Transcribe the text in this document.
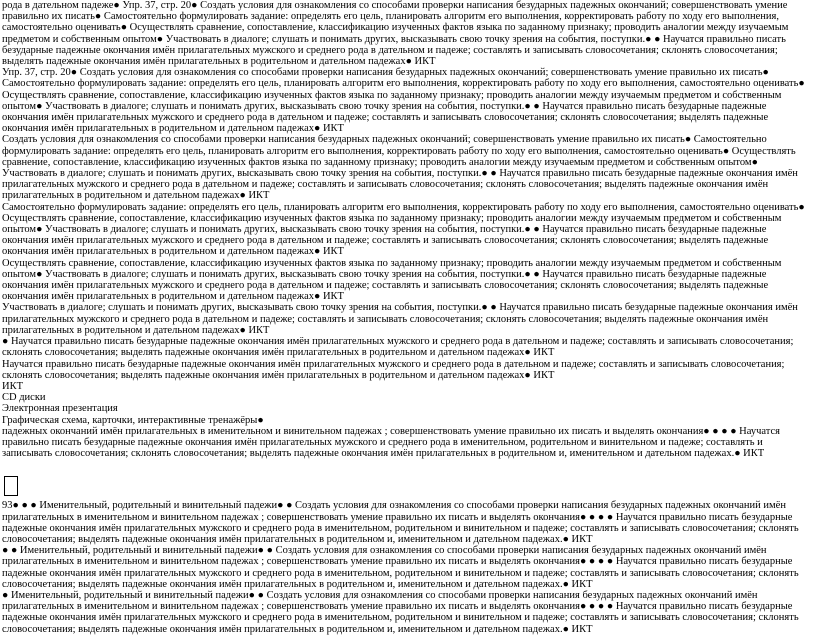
рода в дательном падеже● Упр. 37, стр. 20● Создать условия для ознакомления со способами проверки написания безударных падежных окончаний; совершенствовать умение правильно их писать● Самостоятельно формулировать задание: определять его цель, планировать алгоритм его выполнения, корректировать работу по ходу его выполнения, самостоятельно оценивать● Осуществлять сравнение, сопоставление, классификацию изученных фактов языка по заданному признаку; проводить аналогии между изучаемым предметом и собственным опытом● Участвовать в диалоге; слушать и понимать других, высказывать свою точку зрения на события, поступки.● ● Научатся правильно писать безударные падежные окончания имён прилагательных мужского и среднего рода в дательном и падеже; составлять и записывать словосочетания; склонять словосочетания; выделять падежные окончания имён прилагательных в родительном и дательном падежах● ИКТ

Упр. 37, стр. 20● Создать условия для ознакомления со способами проверки написания безударных падежных окончаний; совершенствовать умение правильно их писать● Самостоятельно формулировать задание: определять его цель, планировать алгоритм его выполнения, корректировать работу по ходу его выполнения, самостоятельно оценивать● Осуществлять сравнение, сопоставление, классификацию изученных фактов языка по заданному признаку; проводить аналогии между изучаемым предметом и собственным опытом● Участвовать в диалоге; слушать и понимать других, высказывать свою точку зрения на события, поступки.● ● Научатся правильно писать безударные падежные окончания имён прилагательных мужского и среднего рода в дательном и падеже; составлять и записывать словосочетания; склонять словосочетания; выделять падежные окончания имён прилагательных в родительном и дательном падежах● ИКТ

Создать условия для ознакомления со способами проверки написания безударных падежных окончаний; совершенствовать умение правильно их писать● Самостоятельно формулировать задание: определять его цель, планировать алгоритм его выполнения, корректировать работу по ходу его выполнения, самостоятельно оценивать● Осуществлять сравнение, сопоставление, классификацию изученных фактов языка по заданному признаку; проводить аналогии между изучаемым предметом и собственным опытом● Участвовать в диалоге; слушать и понимать других, высказывать свою точку зрения на события, поступки.● ● Научатся правильно писать безударные падежные окончания имён прилагательных мужского и среднего рода в дательном и падеже; составлять и записывать словосочетания; склонять словосочетания; выделять падежные окончания имён прилагательных в родительном и дательном падежах● ИКТ

Самостоятельно формулировать задание: определять его цель, планировать алгоритм его выполнения, корректировать работу по ходу его выполнения, самостоятельно оценивать● Осуществлять сравнение, сопоставление, классификацию изученных фактов языка по заданному признаку; проводить аналогии между изучаемым предметом и собственным опытом● Участвовать в диалоге; слушать и понимать других, высказывать свою точку зрения на события, поступки.● ● Научатся правильно писать безударные падежные окончания имён прилагательных мужского и среднего рода в дательном и падеже; составлять и записывать словосочетания; склонять словосочетания; выделять падежные окончания имён прилагательных в родительном и дательном падежах● ИКТ

Осуществлять сравнение, сопоставление, классификацию изученных фактов языка по заданному признаку; проводить аналогии между изучаемым предметом и собственным опытом● Участвовать в диалоге; слушать и понимать других, высказывать свою точку зрения на события, поступки.● ● Научатся правильно писать безударные падежные окончания имён прилагательных мужского и среднего рода в дательном и падеже; составлять и записывать словосочетания; склонять словосочетания; выделять падежные окончания имён прилагательных в родительном и дательном падежах● ИКТ

Участвовать в диалоге; слушать и понимать других, высказывать свою точку зрения на события, поступки.● ● Научатся правильно писать безударные падежные окончания имён прилагательных мужского и среднего рода в дательном и падеже; составлять и записывать словосочетания; склонять словосочетания; выделять падежные окончания имён прилагательных в родительном и дательном падежах● ИКТ

● Научатся правильно писать безударные падежные окончания имён прилагательных мужского и среднего рода в дательном и падеже; составлять и записывать словосочетания; склонять словосочетания; выделять падежные окончания имён прилагательных в родительном и дательном падежах● ИКТ

Научатся правильно писать безударные падежные окончания имён прилагательных мужского и среднего рода в дательном и падеже; составлять и записывать словосочетания; склонять словосочетания; выделять падежные окончания имён прилагательных в родительном и дательном падежах● ИКТ

ИКТ

CD диски

Электронная презентация

Графическая схема, карточки, интерактивные тренажёры●

падежных окончаний имён прилагательных в именительном и винительном падежах ; совершенствовать умение правильно их писать и выделять окончания● ● ● ● Научатся правильно писать безударные падежные окончания имён прилагательных мужского и среднего рода в именительном, родительном и винительном и падеже; составлять и записывать словосочетания; склонять словосочетания; выделять падежные окончания имён прилагательных в родительном и, именительном и дательном падежах.● ИКТ

93● ● ● Именительный, родительный и винительный падежи● ● Создать условия для ознакомления со способами проверки написания безударных падежных окончаний имён прилагательных в именительном и винительном падежах ; совершенствовать умение правильно их писать и выделять окончания● ● ● ● Научатся правильно писать безударные падежные окончания имён прилагательных мужского и среднего рода в именительном, родительном и винительном и падеже; составлять и записывать словосочетания; склонять словосочетания; выделять падежные окончания имён прилагательных в родительном и, именительном и дательном падежах.● ИКТ

● ● Именительный, родительный и винительный падежи● ● Создать условия для ознакомления со способами проверки написания безударных падежных окончаний имён прилагательных в именительном и винительном падежах ; совершенствовать умение правильно их писать и выделять окончания● ● ● ● Научатся правильно писать безударные падежные окончания имён прилагательных мужского и среднего рода в именительном, родительном и винительном и падеже; составлять и записывать словосочетания; склонять словосочетания; выделять падежные окончания имён прилагательных в родительном и, именительном и дательном падежах.● ИКТ

● Именительный, родительный и винительный падежи● ● Создать условия для ознакомления со способами проверки написания безударных падежных окончаний имён прилагательных в именительном и винительном падежах ; совершенствовать умение правильно их писать и выделять окончания● ● ● ● Научатся правильно писать безударные падежные окончания имён прилагательных мужского и среднего рода в именительном, родительном и винительном и падеже; составлять и записывать словосочетания; склонять словосочетания; выделять падежные окончания имён прилагательных в родительном и, именительном и дательном падежах.● ИКТ
